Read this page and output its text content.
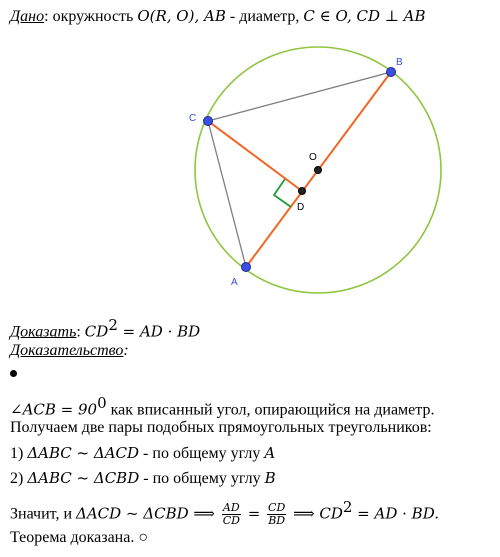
Дано: окружность O(R, O), AB - диаметр, C ∈ O, CD ⊥ AB
A
B
C
D
O
Доказать: $CD^2$ = AD · BD
Доказательство:
∠ACB = $90^0$ как вписанный угол, опирающийся на диаметр.
Получаем две пары подобных прямоугольных треугольников:
1) ΔABC ~ ΔACD - по общему углу A
2) ΔABC ~ ΔCBD - по общему углу B
Значит, и ΔACD ~ ΔCBD ⟹ $\frac{AD}{CD} = \frac{CD}{BD}$ ⟹ $CD^2$ = AD · BD.
Теорема доказана. ○
